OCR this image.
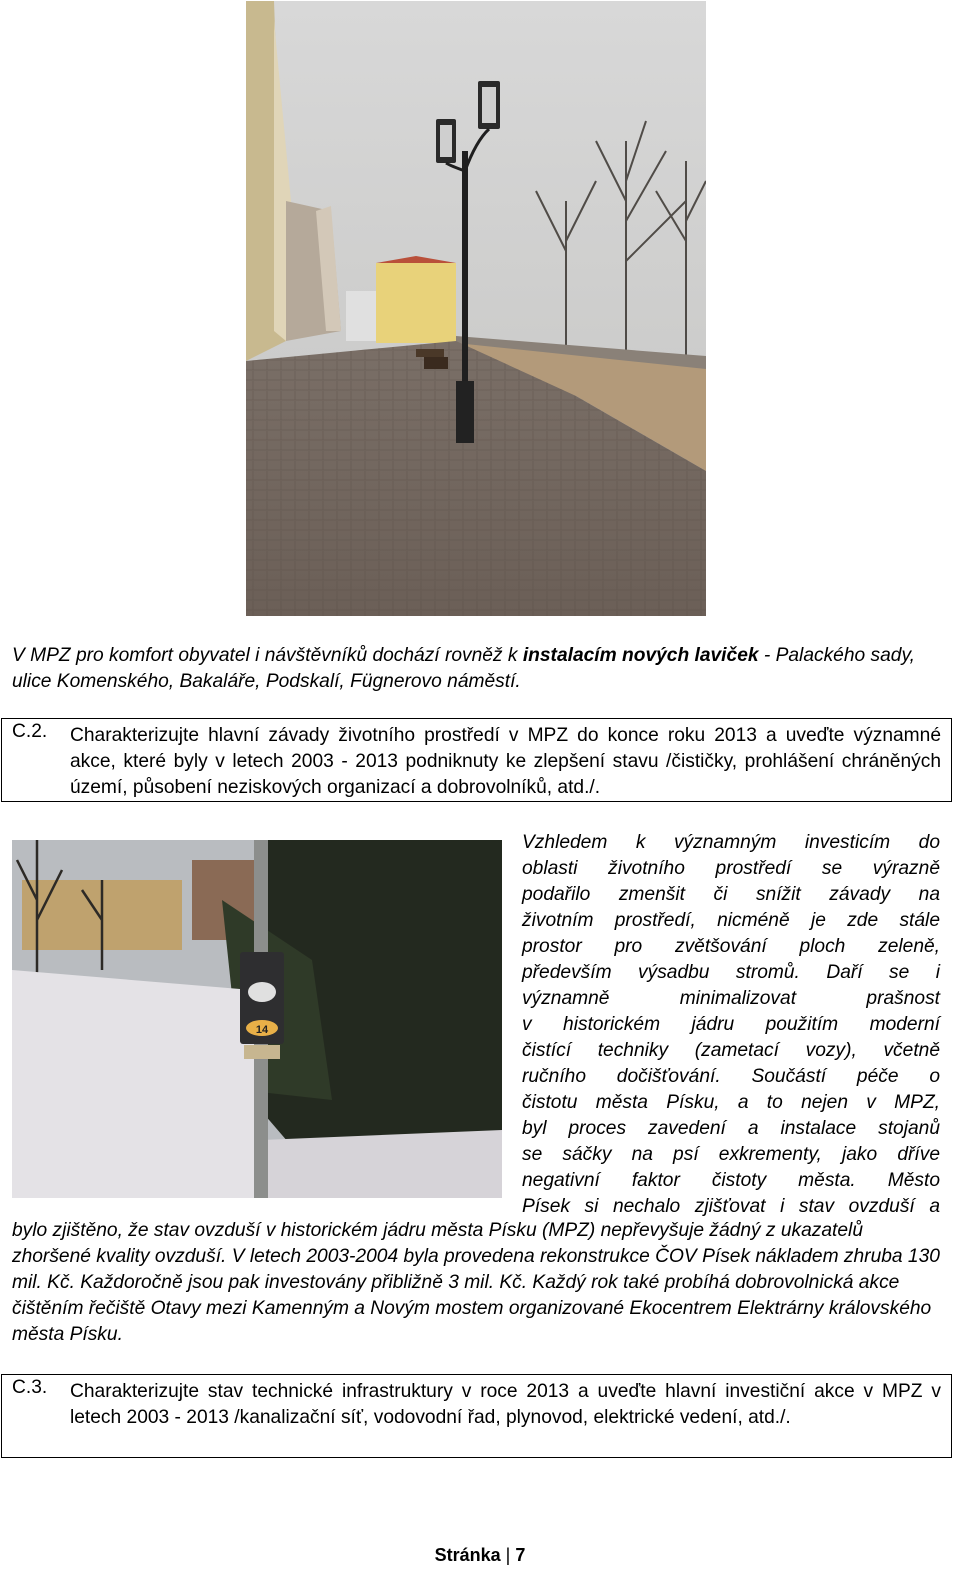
V MPZ pro komfort obyvatel i návštěvníků dochází rovněž k instalacím nových laviček - Palackého sady, ulice Komenského, Bakaláře, Podskalí, Fügnerovo náměstí.
C.2. Charakterizujte hlavní závady životního prostředí v MPZ do konce roku 2013 a uveďte významné akce, které byly v letech 2003 - 2013 podniknuty ke zlepšení stavu /čističky, prohlášení chráněných území, působení neziskových organizací a dobrovolníků, atd./.
14

Vzhledem k významným investicím do

oblasti životního prostředí se výrazně

podařilo zmenšit či snížit závady na

životním prostředí, nicméně je zde stále

prostor pro zvětšování ploch zeleně,

především výsadbu stromů. Daří se i

významně minimalizovat prašnost

v historickém jádru použitím moderní

čistící techniky (zametací vozy), včetně

ručního dočišťování. Součástí péče o

čistotu města Písku, a to nejen v MPZ,

byl proces zavedení a instalace stojanů

se sáčky na psí exkrementy, jako dříve

negativní faktor čistoty města. Město

Písek si nechalo zjišťovat i stav ovzduší a

bylo zjištěno, že stav ovzduší v historickém jádru města Písku (MPZ) nepřevyšuje žádný z ukazatelů zhoršené kvality ovzduší. V letech 2003-2004 byla provedena rekonstrukce ČOV Písek nákladem zhruba 130 mil. Kč. Každoročně jsou pak investovány přibližně 3 mil. Kč. Každý rok také probíhá dobrovolnická akce čištěním řečiště Otavy mezi Kamenným a Novým mostem organizované Ekocentrem Elektrárny královského města Písku.

C.3. Charakterizujte stav technické infrastruktury v roce 2013 a uveďte hlavní investiční akce v MPZ v letech 2003 - 2013 /kanalizační síť, vodovodní řad, plynovod, elektrické vedení, atd./.
Stránka | 7
